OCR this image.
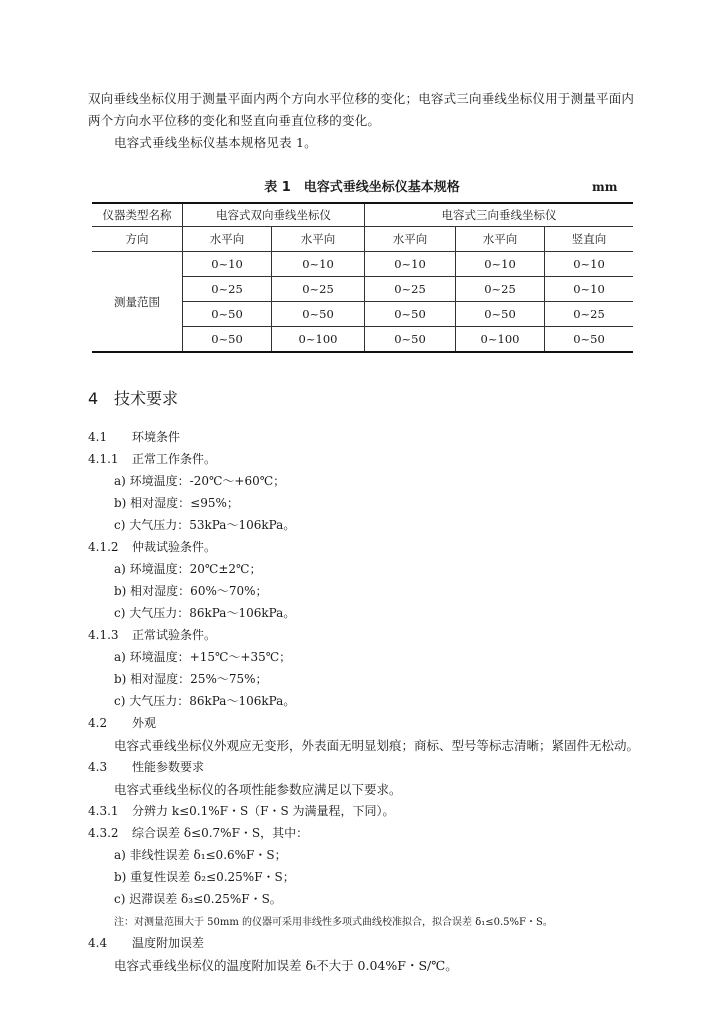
双向垂线坐标仪用于测量平面内两个方向水平位移的变化；电容式三向垂线坐标仪用于测量平面内
两个方向水平位移的变化和竖直向垂直位移的变化。
电容式垂线坐标仪基本规格见表 1。
表 1　电容式垂线坐标仪基本规格	mm
仪器类型名称	电容式双向垂线坐标仪		电容式三向垂线坐标仪		
方向	水平向	水平向	水平向	水平向	竖直向
测量范围	0~10	0~10	0~10	0~10	0~10
	0~25	0~25	0~25	0~25	0~10
	0~50	0~50	0~50	0~50	0~25
	0~50	0~100	0~50	0~100	0~50
4 技术要求
4.1 环境条件
4.1.1 正常工作条件。
a) 环境温度：-20℃～+60℃；
b) 相对湿度：≤95%；
c) 大气压力：53kPa～106kPa。
4.1.2 仲裁试验条件。
a) 环境温度：20℃±2℃；
b) 相对湿度：60%～70%；
c) 大气压力：86kPa～106kPa。
4.1.3 正常试验条件。
a) 环境温度：+15℃～+35℃；
b) 相对湿度：25%～75%；
c) 大气压力：86kPa～106kPa。
4.2 外观
电容式垂线坐标仪外观应无变形，外表面无明显划痕；商标、型号等标志清晰；紧固件无松动。
4.3 性能参数要求
电容式垂线坐标仪的各项性能参数应满足以下要求。
4.3.1 分辨力 k≤0.1%F・S（F・S 为满量程，下同）。
4.3.2 综合误差 δ≤0.7%F・S，其中：
a) 非线性误差 δ₁≤0.6%F・S；
b) 重复性误差 δ₂≤0.25%F・S；
c) 迟滞误差 δ₃≤0.25%F・S。
注：对测量范围大于 50mm 的仪器可采用非线性多项式曲线校准拟合，拟合误差 δ₁≤0.5%F・S。
4.4 温度附加误差
电容式垂线坐标仪的温度附加误差 δₜ不大于 0.04%F・S/℃。
